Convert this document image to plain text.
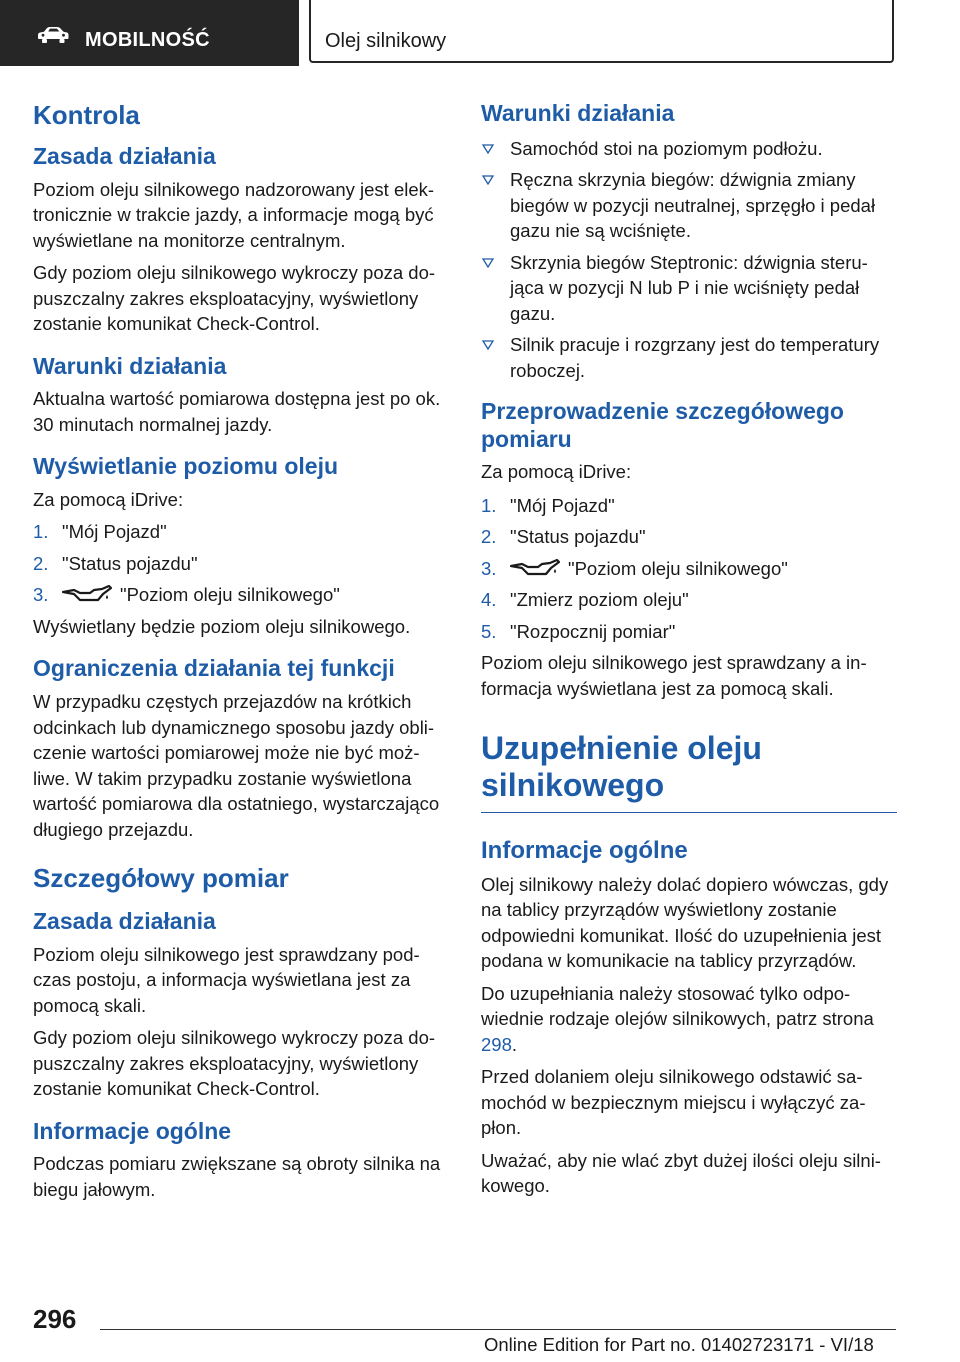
MOBILNOŚĆ	Olej silnikowy
Kontrola
Zasada działania

Poziom oleju silnikowego nadzorowany jest elek-tronicznie w trakcie jazdy, a informacje mogą być wyświetlane na monitorze centralnym.

Gdy poziom oleju silnikowego wykroczy poza do-puszczalny zakres eksploatacyjny, wyświetlony zostanie komunikat Check-Control.

Warunki działania

Aktualna wartość pomiarowa dostępna jest po ok. 30 minutach normalnej jazdy.

Wyświetlanie poziomu oleju

Za pomocą iDrive:

1. "Mój Pojazd"
2. "Status pojazdu"
3.	"Poziom oleju silnikowego"

Wyświetlany będzie poziom oleju silnikowego.

Ograniczenia działania tej funkcji

W przypadku częstych przejazdów na krótkich odcinkach lub dynamicznego sposobu jazdy obli-czenie wartości pomiarowej może nie być moż-liwe. W takim przypadku zostanie wyświetlona wartość pomiarowa dla ostatniego, wystarczająco długiego przejazdu.

Szczegółowy pomiar
Zasada działania

Poziom oleju silnikowego jest sprawdzany pod-czas postoju, a informacja wyświetlana jest za pomocą skali.

Gdy poziom oleju silnikowego wykroczy poza do-puszczalny zakres eksploatacyjny, wyświetlony zostanie komunikat Check-Control.

Informacje ogólne

Podczas pomiaru zwiększane są obroty silnika na biegu jałowym.

Warunki działania
Samochód stoi na poziomym podłożu.
Ręczna skrzynia biegów: dźwignia zmiany biegów w pozycji neutralnej, sprzęgło i pedał gazu nie są wciśnięte.
Skrzynia biegów Steptronic: dźwignia steru-jąca w pozycji N lub P i nie wciśnięty pedał gazu.
Silnik pracuje i rozgrzany jest do temperatury roboczej.
Przeprowadzenie szczegółowego pomiaru

Za pomocą iDrive:

1. "Mój Pojazd"
2. "Status pojazdu"
3.	"Poziom oleju silnikowego"
4. "Zmierz poziom oleju"
5. "Rozpocznij pomiar"

Poziom oleju silnikowego jest sprawdzany a in-formacja wyświetlana jest za pomocą skali.

Uzupełnienie oleju silnikowego
Informacje ogólne

Olej silnikowy należy dolać dopiero wówczas, gdy na tablicy przyrządów wyświetlony zostanie odpowiedni komunikat. Ilość do uzupełnienia jest podana w komunikacie na tablicy przyrządów.

Do uzupełniania należy stosować tylko odpo-wiednie rodzaje olejów silnikowych, patrz strona 298.

Przed dolaniem oleju silnikowego odstawić sa-mochód w bezpiecznym miejscu i wyłączyć za-płon.

Uważać, aby nie wlać zbyt dużej ilości oleju silni-kowego.

296
Online Edition for Part no. 01402723171 - VI/18
